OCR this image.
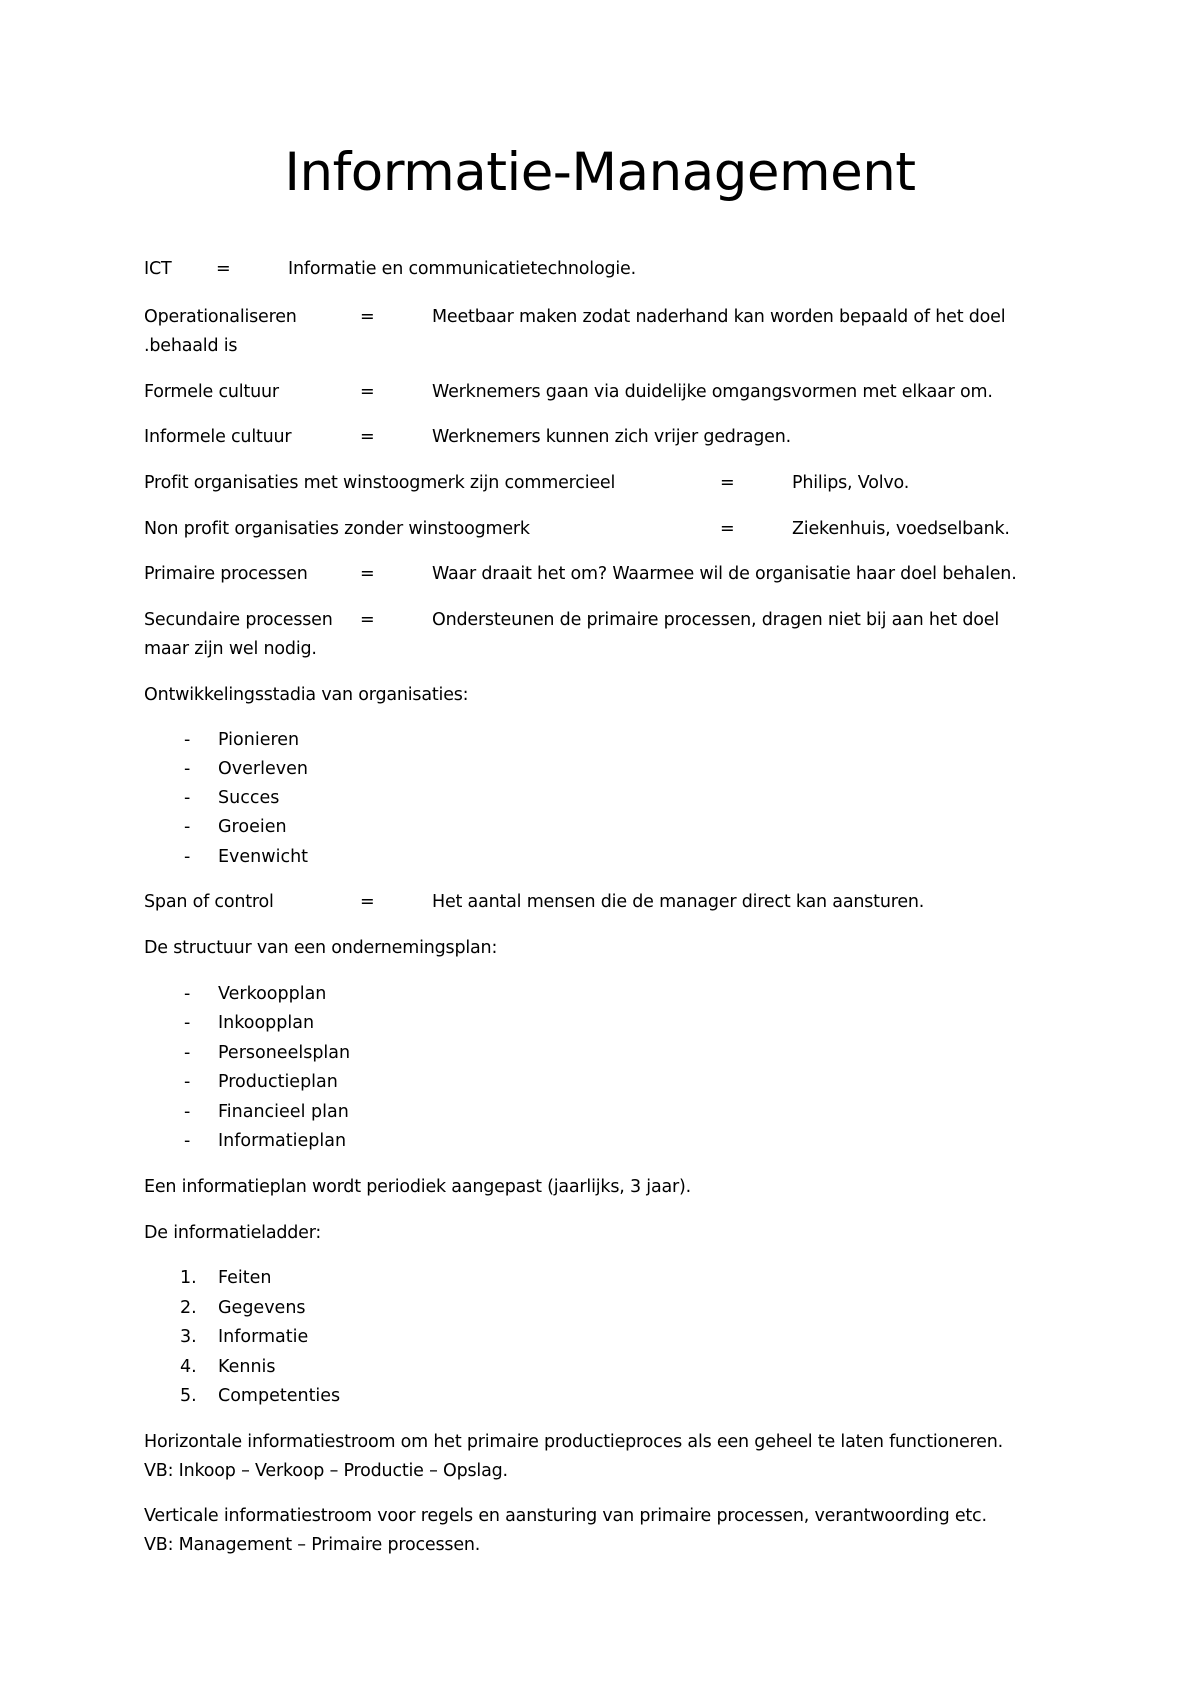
Informatie-Management
ICT	=	Informatie en communicatietechnologie.
Operationaliseren	=	Meetbaar maken zodat naderhand kan worden bepaald of het doel
.behaald is
Formele cultuur	=	Werknemers gaan via duidelijke omgangsvormen met elkaar om.
Informele cultuur	=	Werknemers kunnen zich vrijer gedragen.
Profit organisaties met winstoogmerk zijn commercieel	=	Philips, Volvo.
Non profit organisaties zonder winstoogmerk	=	Ziekenhuis, voedselbank.
Primaire processen	=	Waar draait het om? Waarmee wil de organisatie haar doel behalen.
Secundaire processen =	Ondersteunen de primaire processen, dragen niet bij aan het doel
maar zijn wel nodig.
Ontwikkelingsstadia van organisaties:
- Pionieren
- Overleven
- Succes
- Groeien
- Evenwicht
Span of control	=	Het aantal mensen die de manager direct kan aansturen.
De structuur van een ondernemingsplan:
- Verkoopplan
- Inkoopplan
- Personeelsplan
- Productieplan
- Financieel plan
- Informatieplan
Een informatieplan wordt periodiek aangepast (jaarlijks, 3 jaar).
De informatieladder:
1. Feiten
2. Gegevens
3. Informatie
4. Kennis
5. Competenties
Horizontale informatiestroom om het primaire productieproces als een geheel te laten functioneren.
VB: Inkoop – Verkoop – Productie – Opslag.
Verticale informatiestroom voor regels en aansturing van primaire processen, verantwoording etc.
VB: Management – Primaire processen.
